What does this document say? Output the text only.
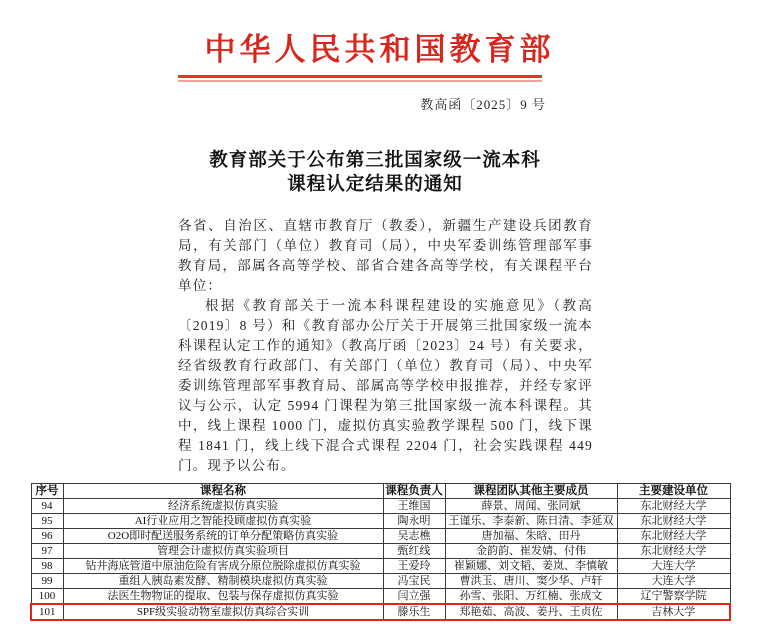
中华人民共和国教育部
教高函〔2025〕9 号
教育部关于公布第三批国家级一流本科
课程认定结果的通知

各省、自治区、直辖市教育厅（教委），新疆生产建设兵团教育局，有关部门（单位）教育司（局），中央军委训练管理部军事教育局，部属各高等学校、部省合建各高等学校，有关课程平台单位：

根据《教育部关于一流本科课程建设的实施意见》（教高〔2019〕8 号）和《教育部办公厅关于开展第三批国家级一流本科课程认定工作的通知》（教高厅函〔2023〕24 号）有关要求，经省级教育行政部门、有关部门（单位）教育司（局）、中央军委训练管理部军事教育局、部属高等学校申报推荐，并经专家评议与公示，认定 5994 门课程为第三批国家级一流本科课程。其中，线上课程 1000 门，虚拟仿真实验教学课程 500 门，线下课程 1841 门，线上线下混合式课程 2204 门，社会实践课程 449 门。现予以公布。

序号	课程名称	课程负责人	课程团队其他主要成员	主要建设单位
94	经济系统虚拟仿真实验	王维国	薛景、周闻、张同斌	东北财经大学
95	AI行业应用之智能投顾虚拟仿真实验	陶永明	王谨乐、李泰新、陈日清、李延双	东北财经大学
96	O2O即时配送服务系统的订单分配策略仿真实验	吴志樵	唐加福、朱晗、田丹	东北财经大学
97	管理会计虚拟仿真实验项目	甄红线	金韵韵、崔发婧、付伟	东北财经大学
98	钻井海底管道中原油危险有害成分原位脱除虚拟仿真实验	王爱玲	崔颖娜、刘文韬、姜岚、李慎敏	大连大学
99	重组人胰岛素发酵、精制模块虚拟仿真实验	冯宝民	曹洪玉、唐川、窦少华、卢轩	大连大学
100	法医生物物证的提取、包装与保存虚拟仿真实验	闫立强	孙雪、张阳、万红楠、张成文	辽宁警察学院
101	SPF级实验动物室虚拟仿真综合实训	滕乐生	郑艳茹、高波、姜丹、王贞佐	吉林大学
